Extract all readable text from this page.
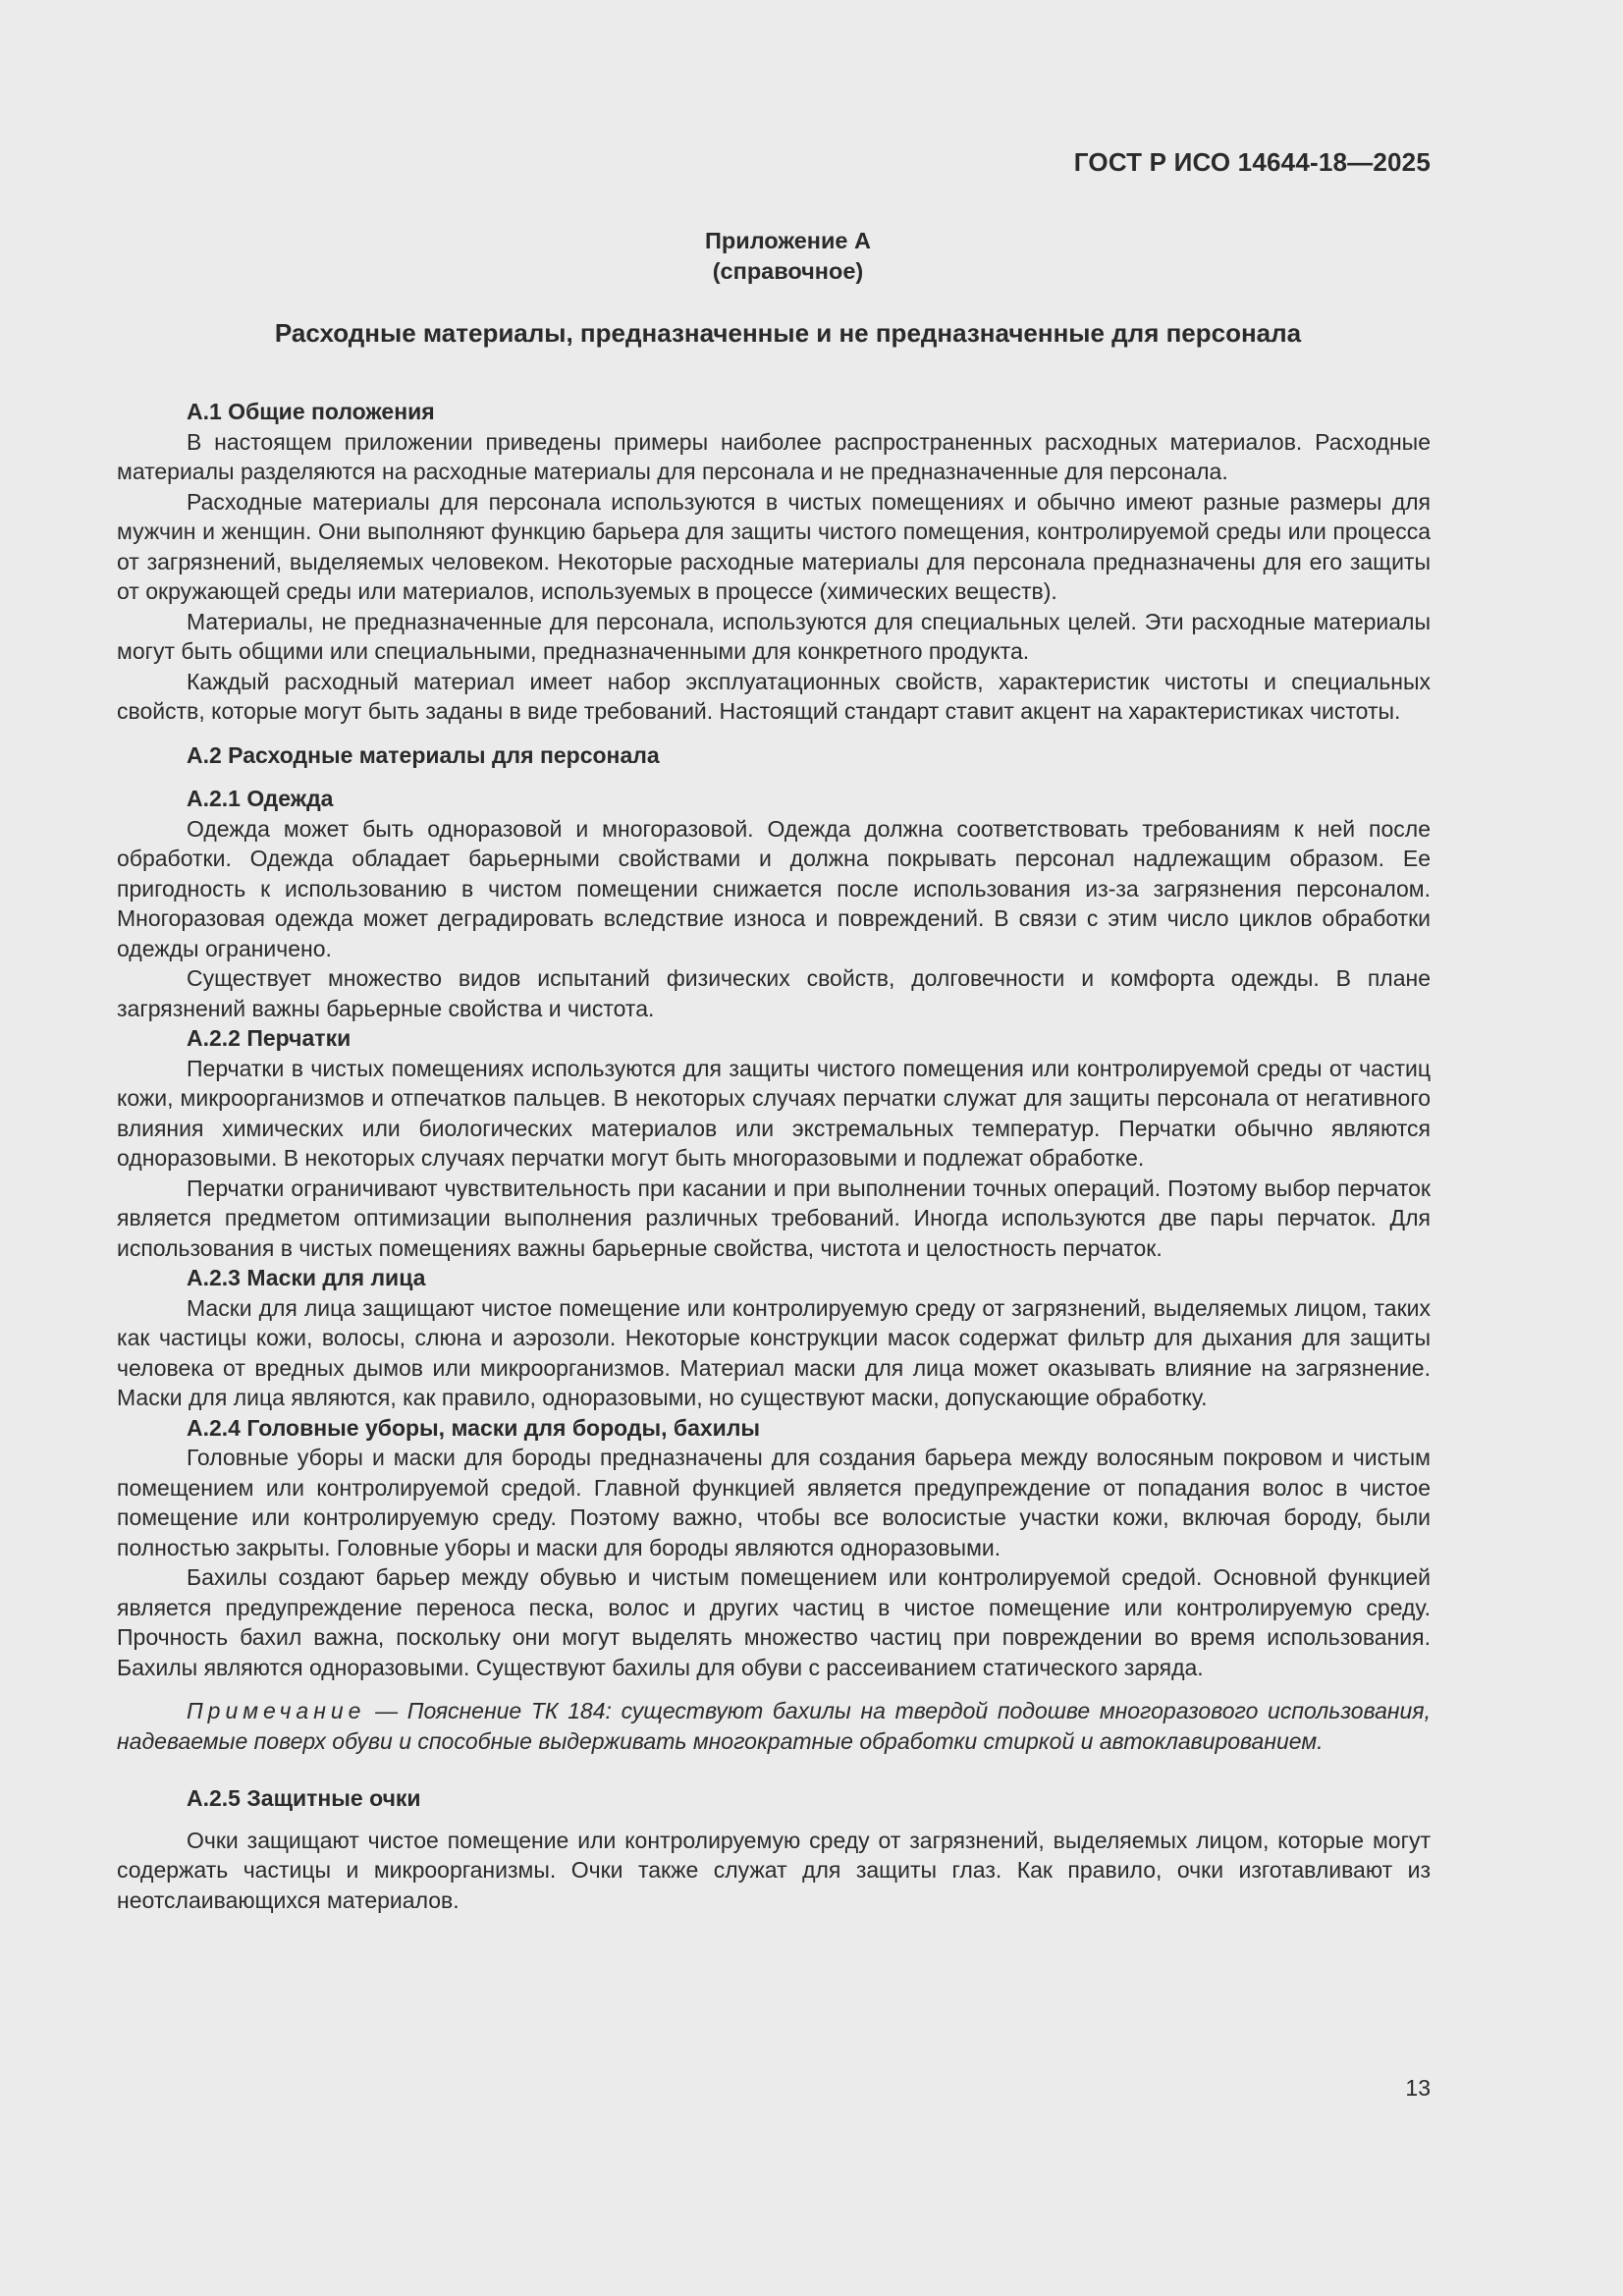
ГОСТ Р ИСО 14644-18—2025
Приложение А
(справочное)
Расходные материалы, предназначенные и не предназначенные для персонала
А.1 Общие положения

В настоящем приложении приведены примеры наиболее распространенных расходных материалов. Расходные материалы разделяются на расходные материалы для персонала и не предназначенные для персонала.

Расходные материалы для персонала используются в чистых помещениях и обычно имеют разные размеры для мужчин и женщин. Они выполняют функцию барьера для защиты чистого помещения, контролируемой среды или процесса от загрязнений, выделяемых человеком. Некоторые расходные материалы для персонала предназначены для его защиты от окружающей среды или материалов, используемых в процессе (химических веществ).

Материалы, не предназначенные для персонала, используются для специальных целей. Эти расходные материалы могут быть общими или специальными, предназначенными для конкретного продукта.

Каждый расходный материал имеет набор эксплуатационных свойств, характеристик чистоты и специальных свойств, которые могут быть заданы в виде требований. Настоящий стандарт ставит акцент на характеристиках чистоты.

А.2 Расходные материалы для персонала
А.2.1 Одежда

Одежда может быть одноразовой и многоразовой. Одежда должна соответствовать требованиям к ней после обработки. Одежда обладает барьерными свойствами и должна покрывать персонал надлежащим образом. Ее пригодность к использованию в чистом помещении снижается после использования из-за загрязнения персоналом. Многоразовая одежда может деградировать вследствие износа и повреждений. В связи с этим число циклов обработки одежды ограничено.

Существует множество видов испытаний физических свойств, долговечности и комфорта одежды. В плане загрязнений важны барьерные свойства и чистота.

А.2.2 Перчатки

Перчатки в чистых помещениях используются для защиты чистого помещения или контролируемой среды от частиц кожи, микроорганизмов и отпечатков пальцев. В некоторых случаях перчатки служат для защиты персонала от негативного влияния химических или биологических материалов или экстремальных температур. Перчатки обычно являются одноразовыми. В некоторых случаях перчатки могут быть многоразовыми и подлежат обработке.

Перчатки ограничивают чувствительность при касании и при выполнении точных операций. Поэтому выбор перчаток является предметом оптимизации выполнения различных требований. Иногда используются две пары перчаток. Для использования в чистых помещениях важны барьерные свойства, чистота и целостность перчаток.

А.2.3 Маски для лица

Маски для лица защищают чистое помещение или контролируемую среду от загрязнений, выделяемых лицом, таких как частицы кожи, волосы, слюна и аэрозоли. Некоторые конструкции масок содержат фильтр для дыхания для защиты человека от вредных дымов или микроорганизмов. Материал маски для лица может оказывать влияние на загрязнение. Маски для лица являются, как правило, одноразовыми, но существуют маски, допускающие обработку.

А.2.4 Головные уборы, маски для бороды, бахилы

Головные уборы и маски для бороды предназначены для создания барьера между волосяным покровом и чистым помещением или контролируемой средой. Главной функцией является предупреждение от попадания волос в чистое помещение или контролируемую среду. Поэтому важно, чтобы все волосистые участки кожи, включая бороду, были полностью закрыты. Головные уборы и маски для бороды являются одноразовыми.

Бахилы создают барьер между обувью и чистым помещением или контролируемой средой. Основной функцией является предупреждение переноса песка, волос и других частиц в чистое помещение или контролируемую среду. Прочность бахил важна, поскольку они могут выделять множество частиц при повреждении во время использования. Бахилы являются одноразовыми. Существуют бахилы для обуви с рассеиванием статического заряда.

Примечание — Пояснение ТК 184: существуют бахилы на твердой подошве многоразового использования, надеваемые поверх обуви и способные выдерживать многократные обработки стиркой и автоклавированием.

А.2.5 Защитные очки

Очки защищают чистое помещение или контролируемую среду от загрязнений, выделяемых лицом, которые могут содержать частицы и микроорганизмы. Очки также служат для защиты глаз. Как правило, очки изготавливают из неотслаивающихся материалов.

13
